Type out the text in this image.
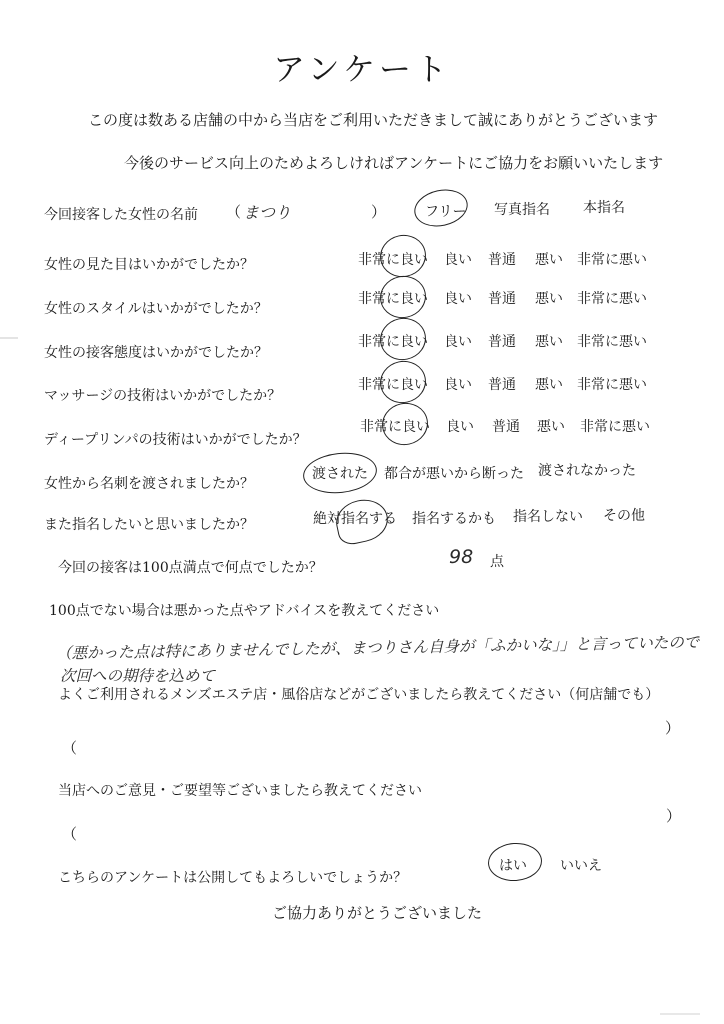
アンケート
この度は数ある店舗の中から当店をご利用いただきまして誠にありがとうございます
今後のサービス向上のためよろしければアンケートにご協力をお願いいたします
今回接客した女性の名前 （ まつり	）	フリー 写真指名 本指名
女性の見た目はいかがでしたか？	非常に良い 良い 普通 悪い 非常に悪い
女性のスタイルはいかがでしたか？
非常に良い 良い 普通 悪い 非常に悪い
女性の接客態度はいかがでしたか？
非常に良い 良い 普通 悪い 非常に悪い
マッサージの技術はいかがでしたか？
非常に良い 良い 普通 悪い 非常に悪い
ディープリンパの技術はいかがでしたか？
非常に良い 良い 普通 悪い 非常に悪い
女性から名刺を渡されましたか？
渡された 都合が悪いから断った 渡されなかった
また指名したいと思いましたか？	絶対指名する 指名するかも 指名しない その他
今回の接客は100点満点で何点でしたか？	98 点
100点でない場合は悪かった点やアドバイスを教えてください
（悪かった点は特にありませんでしたが、まつりさん自身が「ふかいな」」と言っていたので
次回への期待を込めて
よくご利用されるメンズエステ店・風俗店などがございましたら教えてください（何店舗でも）
（
）
当店へのご意見・ご要望等ございましたら教えてください
（
）
こちらのアンケートは公開してもよろしいでしょうか？
はい いいえ
ご協力ありがとうございました
